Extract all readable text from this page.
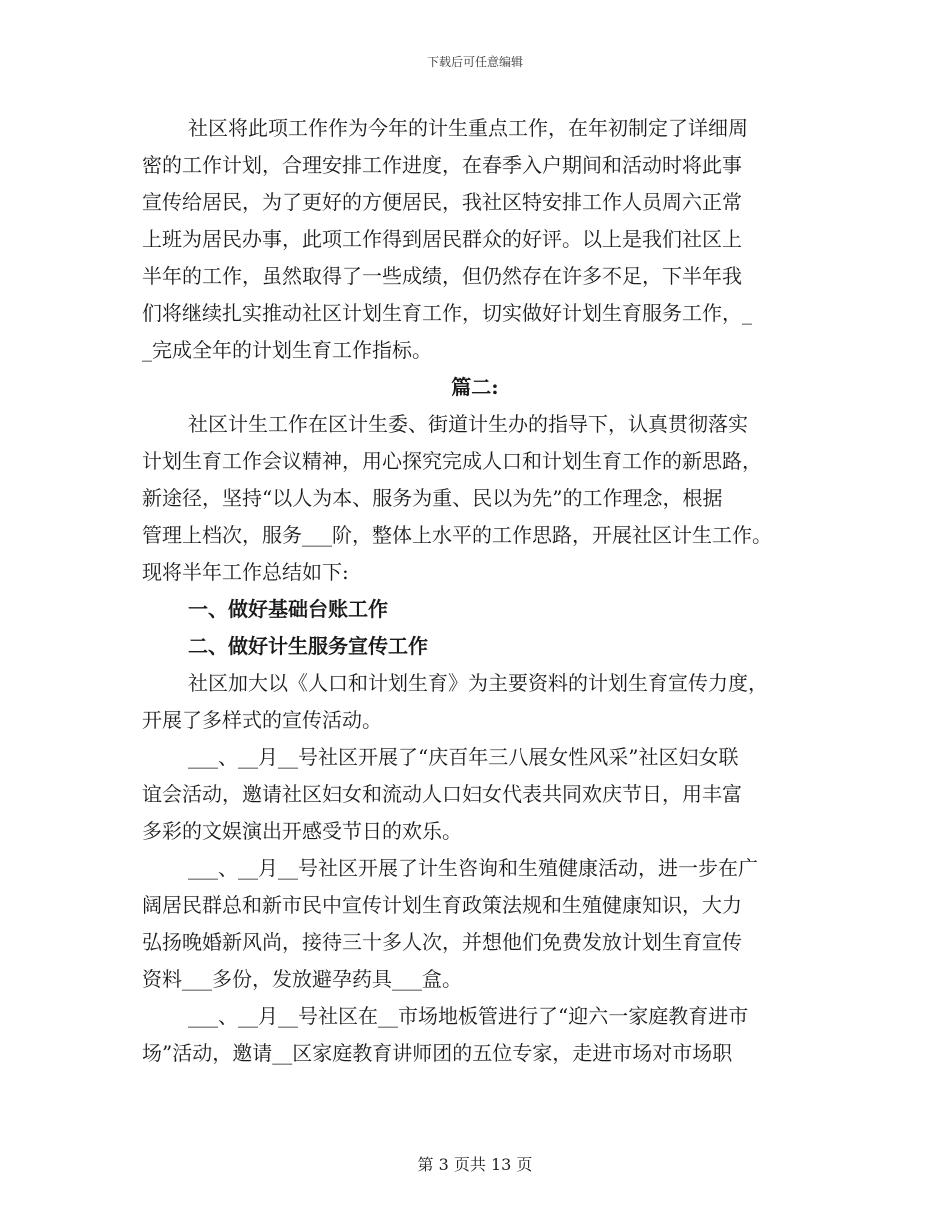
下载后可任意编辑
社区将此项工作作为今年的计生重点工作，在年初制定了详细周
密的工作计划，合理安排工作进度，在春季入户期间和活动时将此事
宣传给居民，为了更好的方便居民，我社区特安排工作人员周六正常
上班为居民办事，此项工作得到居民群众的好评。以上是我们社区上
半年的工作，虽然取得了一些成绩，但仍然存在许多不足，下半年我
们将继续扎实推动社区计划生育工作，切实做好计划生育服务工作，_
_完成全年的计划生育工作指标。
篇二:
社区计生工作在区计生委、街道计生办的指导下，认真贯彻落实
计划生育工作会议精神，用心探究完成人口和计划生育工作的新思路，
新途径，坚持“以人为本、服务为重、民以为先”的工作理念，根据
管理上档次，服务___阶，整体上水平的工作思路，开展社区计生工作。
现将半年工作总结如下:
一、做好基础台账工作
二、做好计生服务宣传工作
社区加大以《人口和计划生育》为主要资料的计划生育宣传力度，
开展了多样式的宣传活动。
___、__月__号社区开展了“庆百年三八展女性风采”社区妇女联
谊会活动，邀请社区妇女和流动人口妇女代表共同欢庆节日，用丰富
多彩的文娱演出开感受节日的欢乐。
___、__月__号社区开展了计生咨询和生殖健康活动，进一步在广
阔居民群总和新市民中宣传计划生育政策法规和生殖健康知识，大力
弘扬晚婚新风尚，接待三十多人次，并想他们免费发放计划生育宣传
资料___多份，发放避孕药具___盒。
___、__月__号社区在__市场地板管进行了“迎六一家庭教育进市
场”活动，邀请__区家庭教育讲师团的五位专家，走进市场对市场职
第 3 页共 13 页
